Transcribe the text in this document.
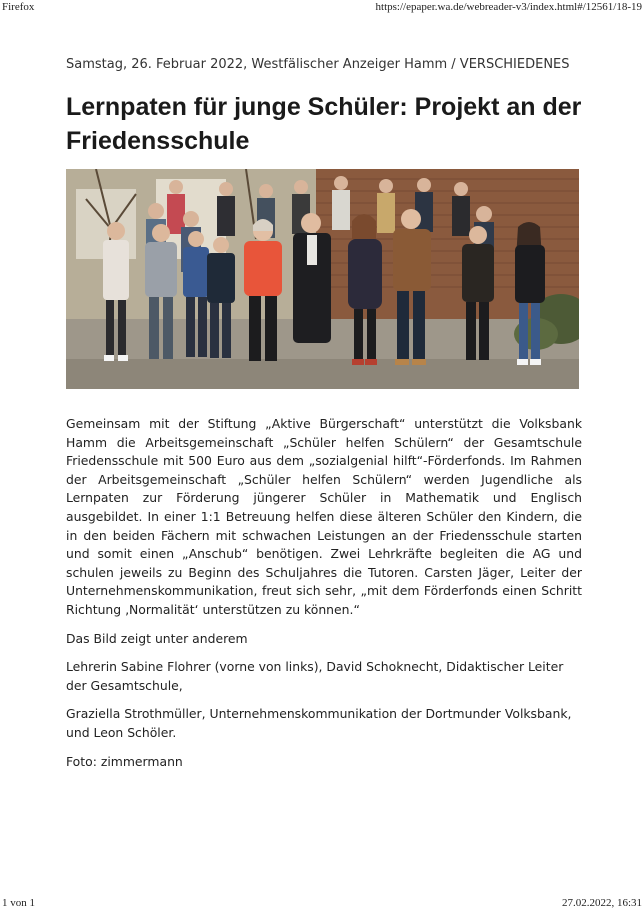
Firefox	https://epaper.wa.de/webreader-v3/index.html#/12561/18-19
Samstag, 26. Februar 2022, Westfälischer Anzeiger Hamm / VERSCHIEDENES
Lernpaten für junge Schüler: Projekt an der Friedensschule

Gemeinsam mit der Stiftung „Aktive Bürgerschaft“ unterstützt die Volksbank Hamm die Arbeitsgemeinschaft „Schüler helfen Schülern“ der Gesamtschule Friedensschule mit 500 Euro aus dem „sozialgenial hilft“-Förderfonds. Im Rahmen der Arbeitsgemeinschaft „Schüler helfen Schülern“ werden Jugendliche als Lernpaten zur Förderung jüngerer Schüler in Mathematik und Englisch ausgebildet. In einer 1:1 Betreuung helfen diese älteren Schüler den Kindern, die in den beiden Fächern mit schwachen Leistungen an der Friedensschule starten und somit einen „Anschub“ benötigen. Zwei Lehrkräfte begleiten die AG und schulen jeweils zu Beginn des Schuljahres die Tutoren. Carsten Jäger, Leiter der Unternehmenskommunikation, freut sich sehr, „mit dem Förderfonds einen Schritt Richtung ‚Normalität‘ unterstützen zu können.“

Das Bild zeigt unter anderem

Lehrerin Sabine Flohrer (vorne von links), David Schoknecht, Didaktischer Leiter der Gesamtschule,

Graziella Strothmüller, Unternehmenskommunikation der Dortmunder Volksbank, und Leon Schöler.

Foto: zimmermann

1 von 1	27.02.2022, 16:31
